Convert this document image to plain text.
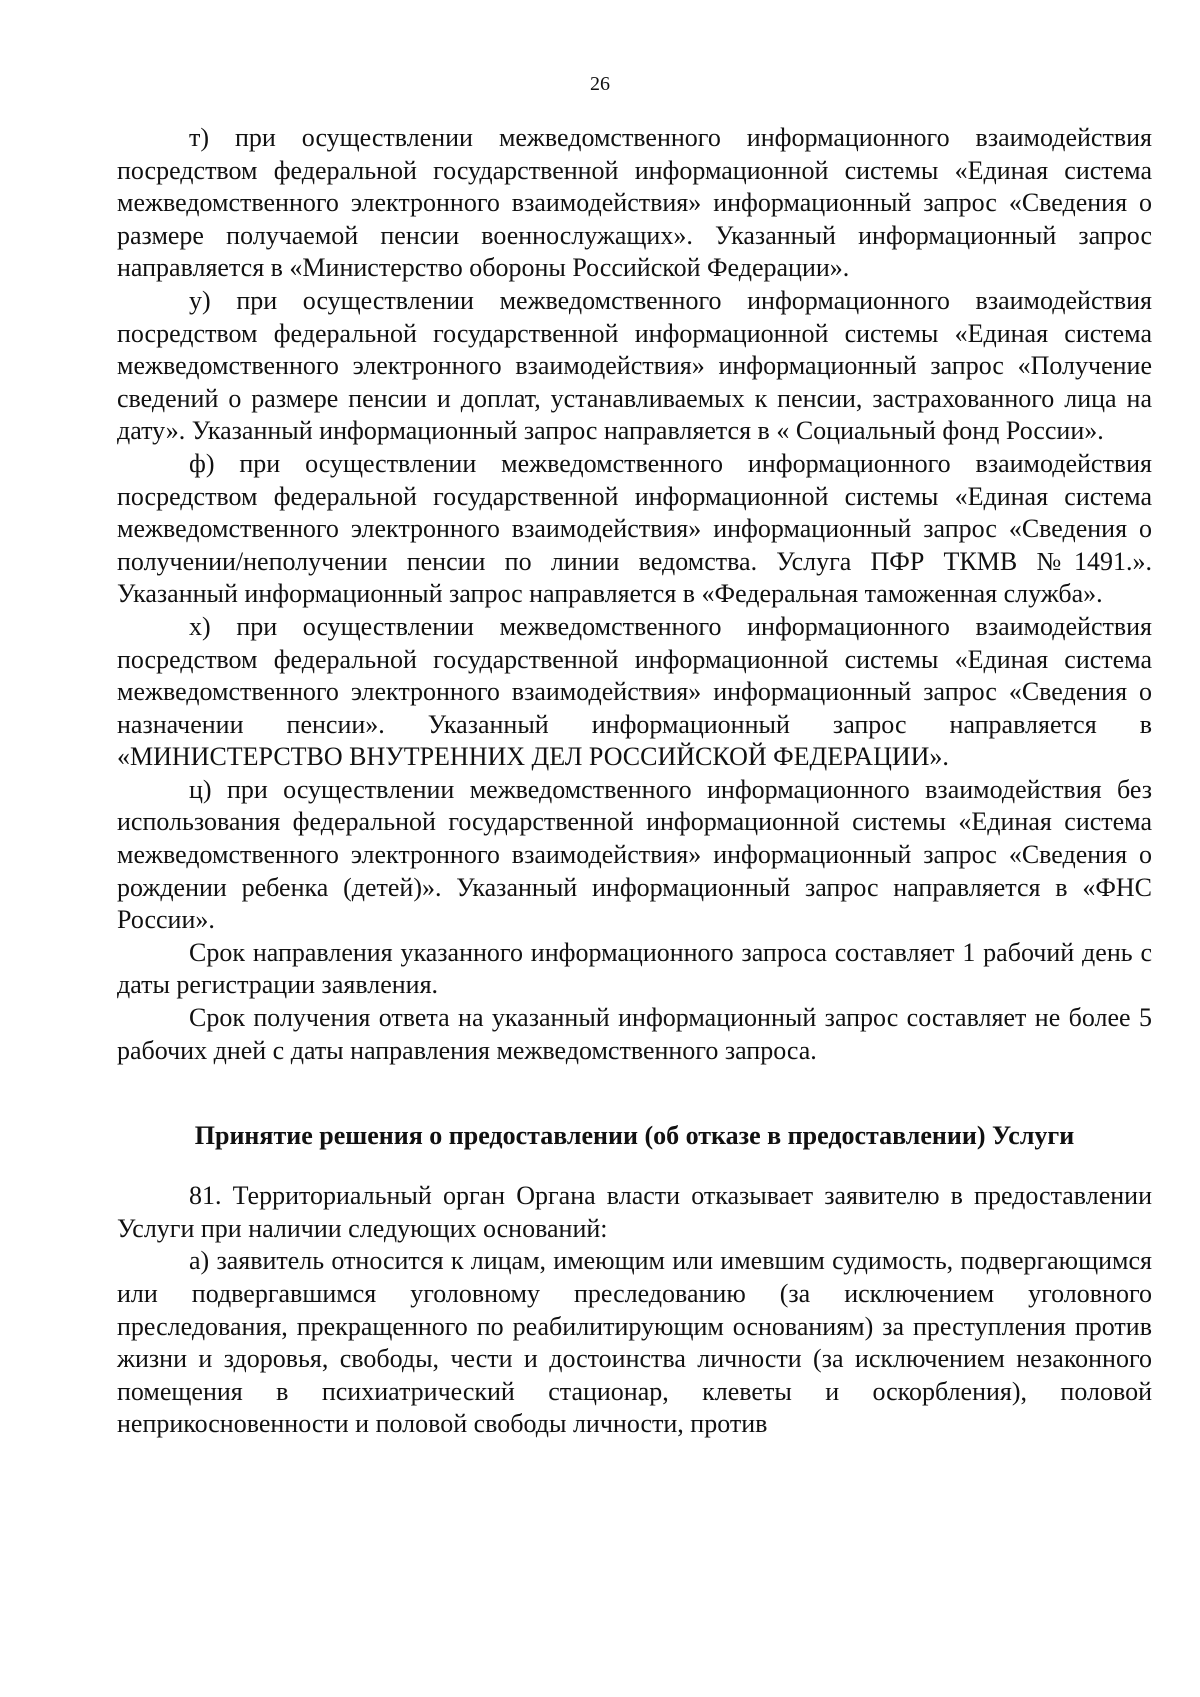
26

т) при осуществлении межведомственного информационного взаимодействия посредством федеральной государственной информационной системы «Единая система межведомственного электронного взаимодействия» информационный запрос «Сведения о размере получаемой пенсии военнослужащих». Указанный информационный запрос направляется в «Министерство обороны Российской Федерации».

у) при осуществлении межведомственного информационного взаимодействия посредством федеральной государственной информационной системы «Единая система межведомственного электронного взаимодействия» информационный запрос «Получение сведений о размере пенсии и доплат, устанавливаемых к пенсии, застрахованного лица на дату». Указанный информационный запрос направляется в « Социальный фонд России».

ф) при осуществлении межведомственного информационного взаимодействия посредством федеральной государственной информационной системы «Единая система межведомственного электронного взаимодействия» информационный запрос «Сведения о получении/неполучении пенсии по линии ведомства. Услуга ПФР ТКМВ №1491.». Указанный информационный запрос направляется в «Федеральная таможенная служба».

х) при осуществлении межведомственного информационного взаимодействия посредством федеральной государственной информационной системы «Единая система межведомственного электронного взаимодействия» информационный запрос «Сведения о назначении пенсии». Указанный информационный запрос направляется в «МИНИСТЕРСТВО ВНУТРЕННИХ ДЕЛ РОССИЙСКОЙ ФЕДЕРАЦИИ».

ц) при осуществлении межведомственного информационного взаимодействия без использования федеральной государственной информационной системы «Единая система межведомственного электронного взаимодействия» информационный запрос «Сведения о рождении ребенка (детей)». Указанный информационный запрос направляется в «ФНС России».

Срок направления указанного информационного запроса составляет 1 рабочий день с даты регистрации заявления.

Срок получения ответа на указанный информационный запрос составляет не более 5 рабочих дней с даты направления межведомственного запроса.

Принятие решения о предоставлении (об отказе в предоставлении) Услуги

81. Территориальный орган Органа власти отказывает заявителю в предоставлении Услуги при наличии следующих оснований:

а) заявитель относится к лицам, имеющим или имевшим судимость, подвергающимся или подвергавшимся уголовному преследованию (за исключением уголовного преследования, прекращенного по реабилитирующим основаниям) за преступления против жизни и здоровья, свободы, чести и достоинства личности (за исключением незаконного помещения в психиатрический стационар, клеветы и оскорбления), половой неприкосновенности и половой свободы личности, против
